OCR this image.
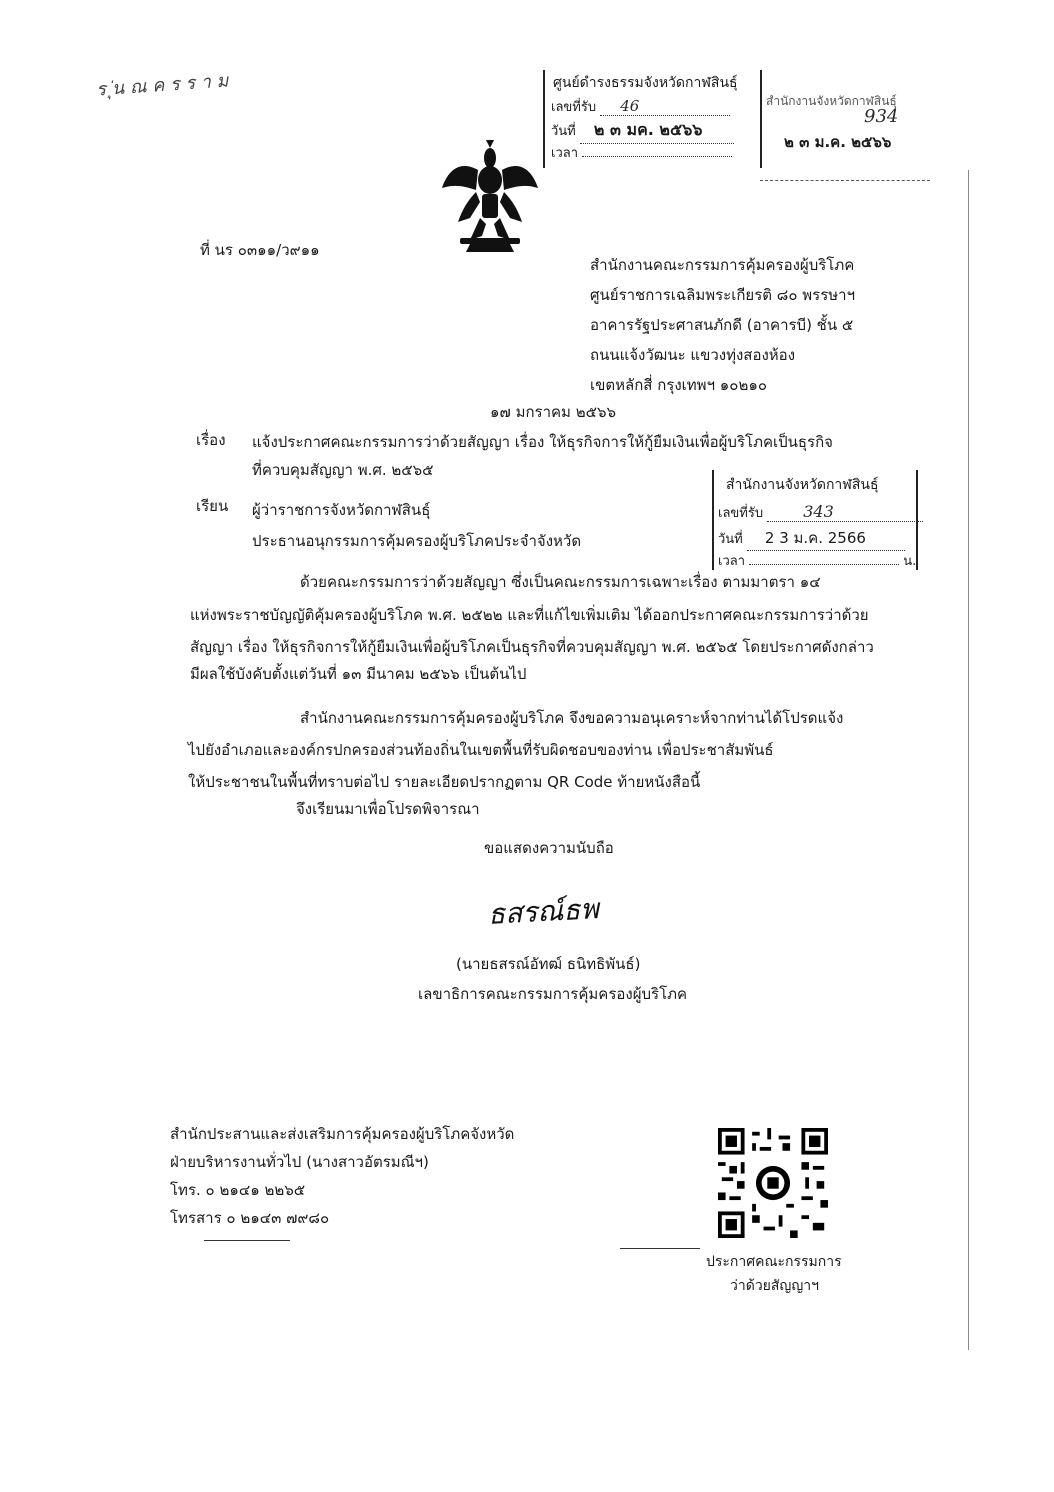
ร ุ่น ณ ค ร ร า ม	ศูนย์ดำรงธรรมจังหวัดกาฬสินธุ์
เลขที่รับ 46
วันที่ ๒ ๓ มค. ๒๕๖๖
เวลา
สำนักงานจังหวัดกาฬสินธุ์
934
๒ ๓ ม.ค. ๒๕๖๖
ที่ นร ๐๓๑๑/ว๙๑๑
สำนักงานคณะกรรมการคุ้มครองผู้บริโภค
ศูนย์ราชการเฉลิมพระเกียรติ ๘๐ พรรษาฯ
อาคารรัฐประศาสนภักดี (อาคารบี) ชั้น ๕
ถนนแจ้งวัฒนะ แขวงทุ่งสองห้อง
เขตหลักสี่ กรุงเทพฯ ๑๐๒๑๐
๑๗ มกราคม ๒๕๖๖
เรื่อง แจ้งประกาศคณะกรรมการว่าด้วยสัญญา เรื่อง ให้ธุรกิจการให้กู้ยืมเงินเพื่อผู้บริโภคเป็นธุรกิจ
ที่ควบคุมสัญญา พ.ศ. ๒๕๖๕
เรียน ผู้ว่าราชการจังหวัดกาฬสินธุ์
ประธานอนุกรรมการคุ้มครองผู้บริโภคประจำจังหวัด
สำนักงานจังหวัดกาฬสินธุ์
เลขที่รับ	343
วันที่ 2 3 ม.ค. 2566
เวลา	น.
ด้วยคณะกรรมการว่าด้วยสัญญา ซึ่งเป็นคณะกรรมการเฉพาะเรื่อง ตามมาตรา ๑๔
แห่งพระราชบัญญัติคุ้มครองผู้บริโภค พ.ศ. ๒๕๒๒ และที่แก้ไขเพิ่มเติม ได้ออกประกาศคณะกรรมการว่าด้วย
สัญญา เรื่อง ให้ธุรกิจการให้กู้ยืมเงินเพื่อผู้บริโภคเป็นธุรกิจที่ควบคุมสัญญา พ.ศ. ๒๕๖๕ โดยประกาศดังกล่าว
มีผลใช้บังคับตั้งแต่วันที่ ๑๓ มีนาคม ๒๕๖๖ เป็นต้นไป
สำนักงานคณะกรรมการคุ้มครองผู้บริโภค จึงขอความอนุเคราะห์จากท่านได้โปรดแจ้ง
ไปยังอำเภอและองค์กรปกครองส่วนท้องถิ่นในเขตพื้นที่รับผิดชอบของท่าน เพื่อประชาสัมพันธ์
ให้ประชาชนในพื้นที่ทราบต่อไป รายละเอียดปรากฏตาม QR Code ท้ายหนังสือนี้
จึงเรียนมาเพื่อโปรดพิจารณา
ขอแสดงความนับถือ
ธสรณ์ธพ
(นายธสรณ์อัทฒ์ ธนิทธิพันธ์)
เลขาธิการคณะกรรมการคุ้มครองผู้บริโภค
สำนักประสานและส่งเสริมการคุ้มครองผู้บริโภคจังหวัด
ฝ่ายบริหารงานทั่วไป (นางสาวอัตรมณีฯ)
โทร. ๐ ๒๑๔๑ ๒๒๖๕
โทรสาร ๐ ๒๑๔๓ ๗๙๘๐
ประกาศคณะกรรมการ
ว่าด้วยสัญญาฯ
